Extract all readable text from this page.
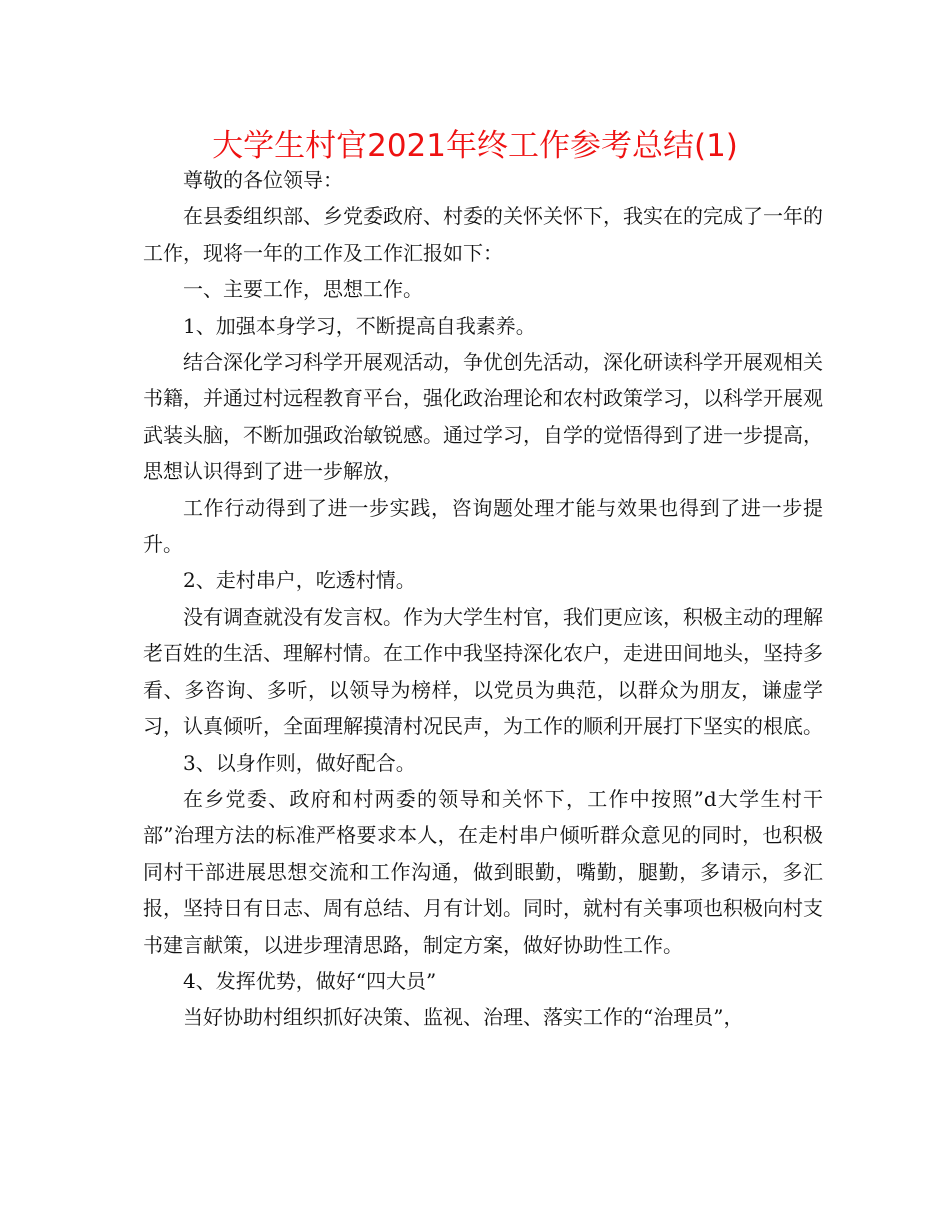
大学生村官2021年终工作参考总结(1)

尊敬的各位领导：

在县委组织部、乡党委政府、村委的关怀关怀下，我实在的完成了一年的工作，现将一年的工作及工作汇报如下：

一、主要工作，思想工作。

1、加强本身学习，不断提高自我素养。

结合深化学习科学开展观活动，争优创先活动，深化研读科学开展观相关书籍，并通过村远程教育平台，强化政治理论和农村政策学习，以科学开展观武装头脑，不断加强政治敏锐感。通过学习，自学的觉悟得到了进一步提高，思想认识得到了进一步解放，

工作行动得到了进一步实践，咨询题处理才能与效果也得到了进一步提升。

2、走村串户，吃透村情。

没有调查就没有发言权。作为大学生村官，我们更应该，积极主动的理解老百姓的生活、理解村情。在工作中我坚持深化农户，走进田间地头，坚持多看、多咨询、多听，以领导为榜样，以党员为典范，以群众为朋友，谦虚学习，认真倾听，全面理解摸清村况民声，为工作的顺利开展打下坚实的根底。

3、以身作则，做好配合。

在乡党委、政府和村两委的领导和关怀下，工作中按照”d大学生村干部”治理方法的标准严格要求本人，在走村串户倾听群众意见的同时，也积极同村干部进展思想交流和工作沟通，做到眼勤，嘴勤，腿勤，多请示，多汇报，坚持日有日志、周有总结、月有计划。同时，就村有关事项也积极向村支书建言献策，以进步理清思路，制定方案，做好协助性工作。

4、发挥优势，做好“四大员”

当好协助村组织抓好决策、监视、治理、落实工作的“治理员”，
